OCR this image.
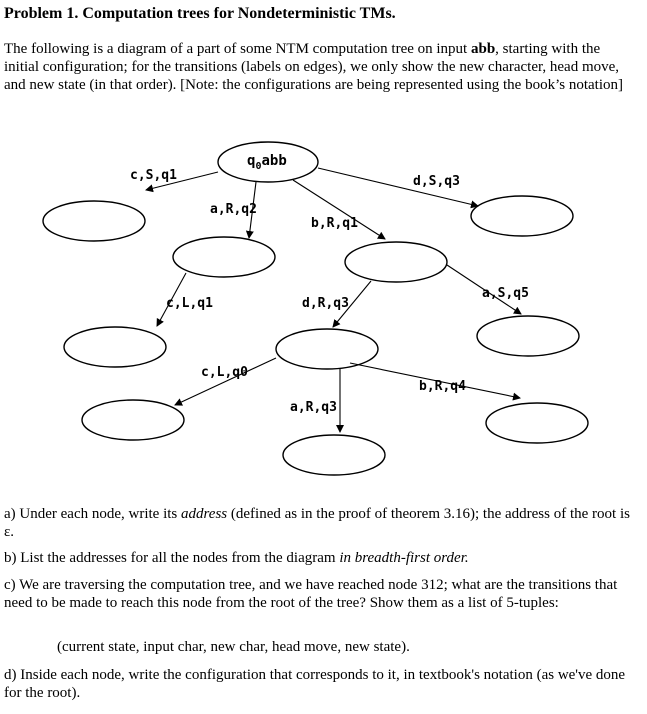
Problem 1. Computation trees for Nondeterministic TMs.
The following is a diagram of a part of some NTM computation tree on input abb, starting with the initial configuration; for the transitions (labels on edges), we only show the new character, head move, and new state (in that order). [Note: the configurations are being represented using the book’s notation]
$q_0abb$
c,S,q1
a,R,q2
b,R,q1
d,S,q3
c,L,q1	d,R,q3
a,S,q5
c,L,q0
a,R,q3
b,R,q4
a) Under each node, write its address (defined as in the proof of theorem 3.16); the address of the root is ε.
b) List the addresses for all the nodes from the diagram in breadth-first order.
c) We are traversing the computation tree, and we have reached node 312; what are the transitions that need to be made to reach this node from the root of the tree? Show them as a list of 5-tuples:
(current state, input char, new char, head move, new state).
d) Inside each node, write the configuration that corresponds to it, in textbook's notation (as we've done for the root).
